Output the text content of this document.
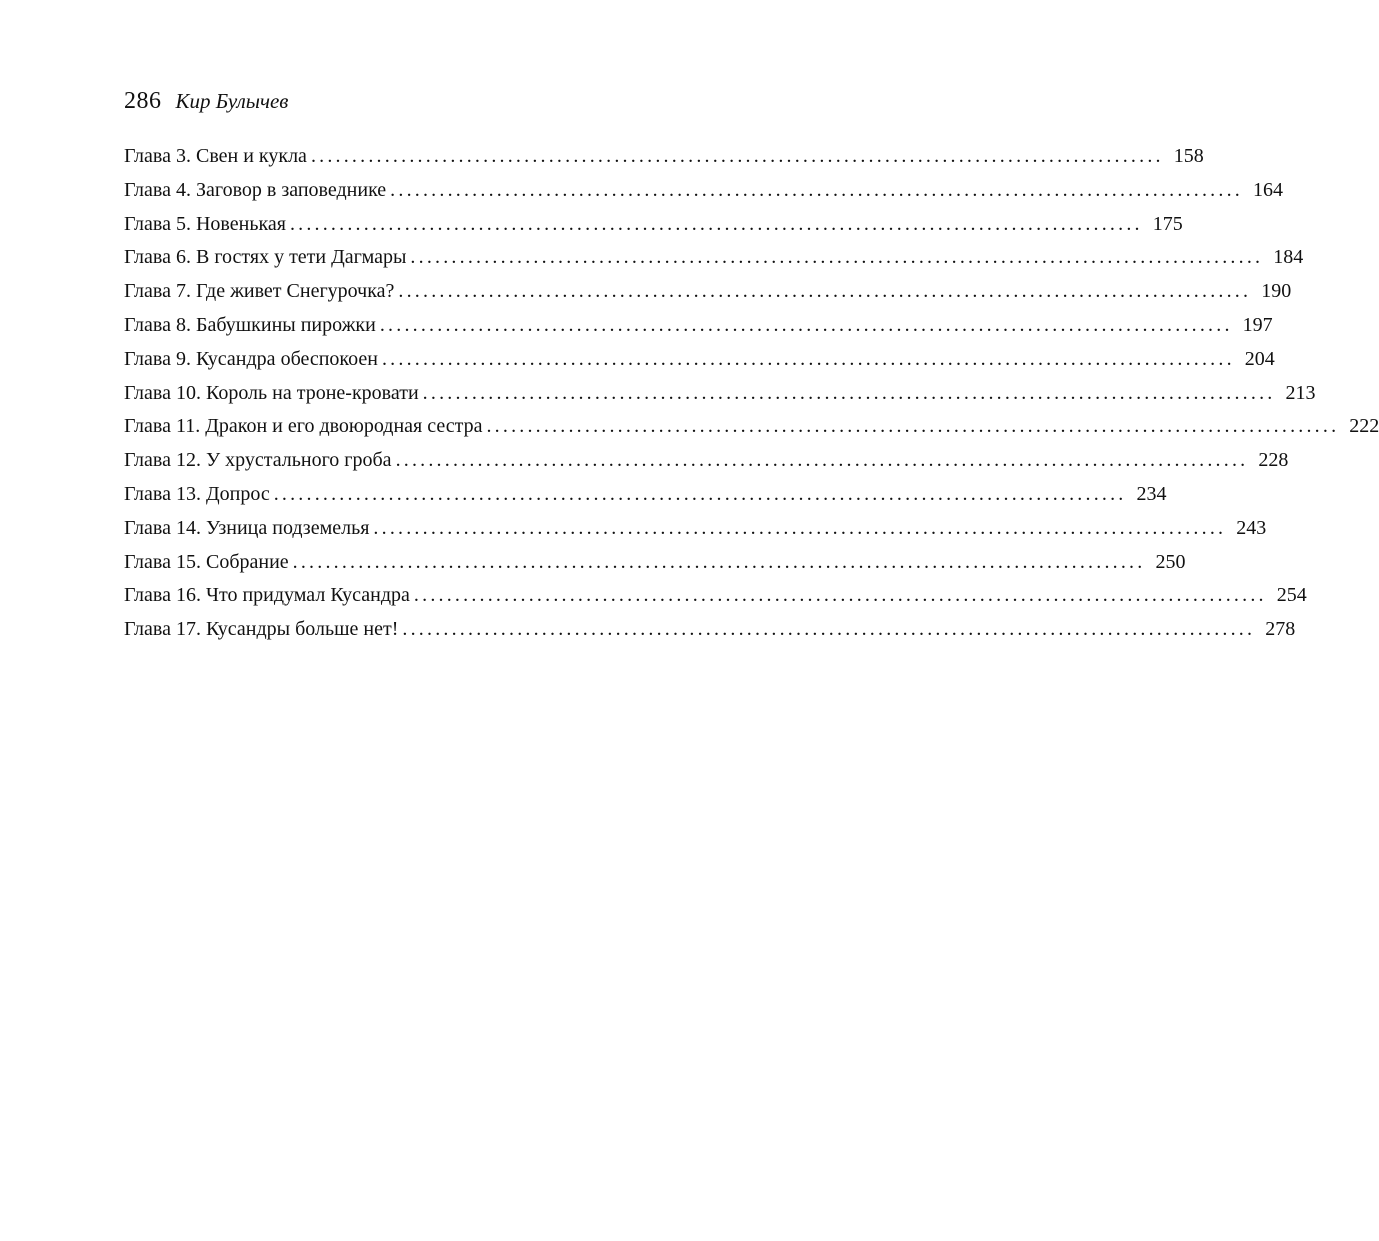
286 Кир Булычев
Глава 3. Свен и кукла ........................................................................................................ 158
Глава 4. Заговор в заповеднике ........................................................................................................ 164
Глава 5. Новенькая ........................................................................................................ 175
Глава 6. В гостях у тети Дагмары ........................................................................................................ 184
Глава 7. Где живет Снегурочка? ........................................................................................................ 190
Глава 8. Бабушкины пирожки ........................................................................................................ 197
Глава 9. Кусандра обеспокоен ........................................................................................................ 204
Глава 10. Король на троне-кровати ........................................................................................................ 213
Глава 11. Дракон и его двоюродная сестра ........................................................................................................ 222
Глава 12. У хрустального гроба ........................................................................................................ 228
Глава 13. Допрос ........................................................................................................ 234
Глава 14. Узница подземелья ........................................................................................................ 243
Глава 15. Собрание ........................................................................................................ 250
Глава 16. Что придумал Кусандра ........................................................................................................ 254
Глава 17. Кусандры больше нет! ........................................................................................................ 278
